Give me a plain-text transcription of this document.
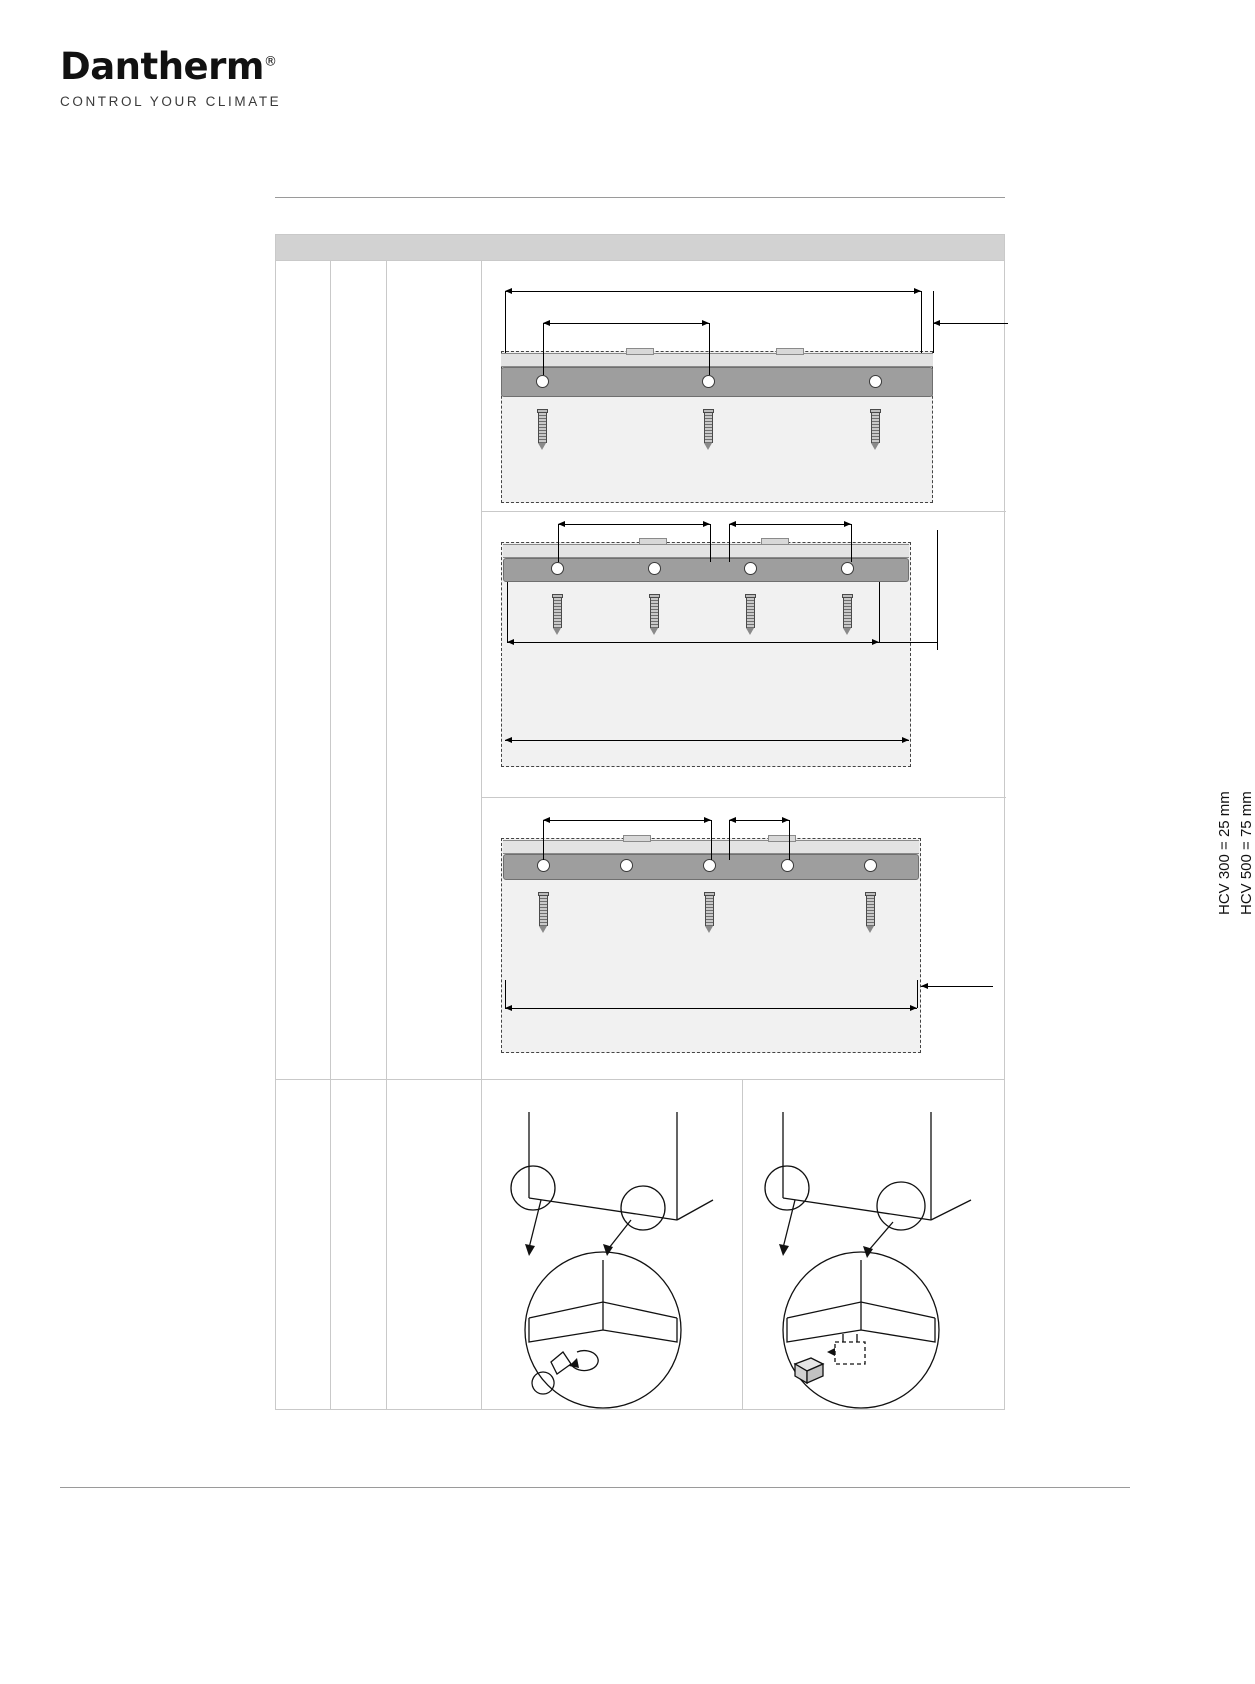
Dantherm®
CONTROL YOUR CLIMATE
HCV 300 = 25 mm HCV 500 = 75 mm
